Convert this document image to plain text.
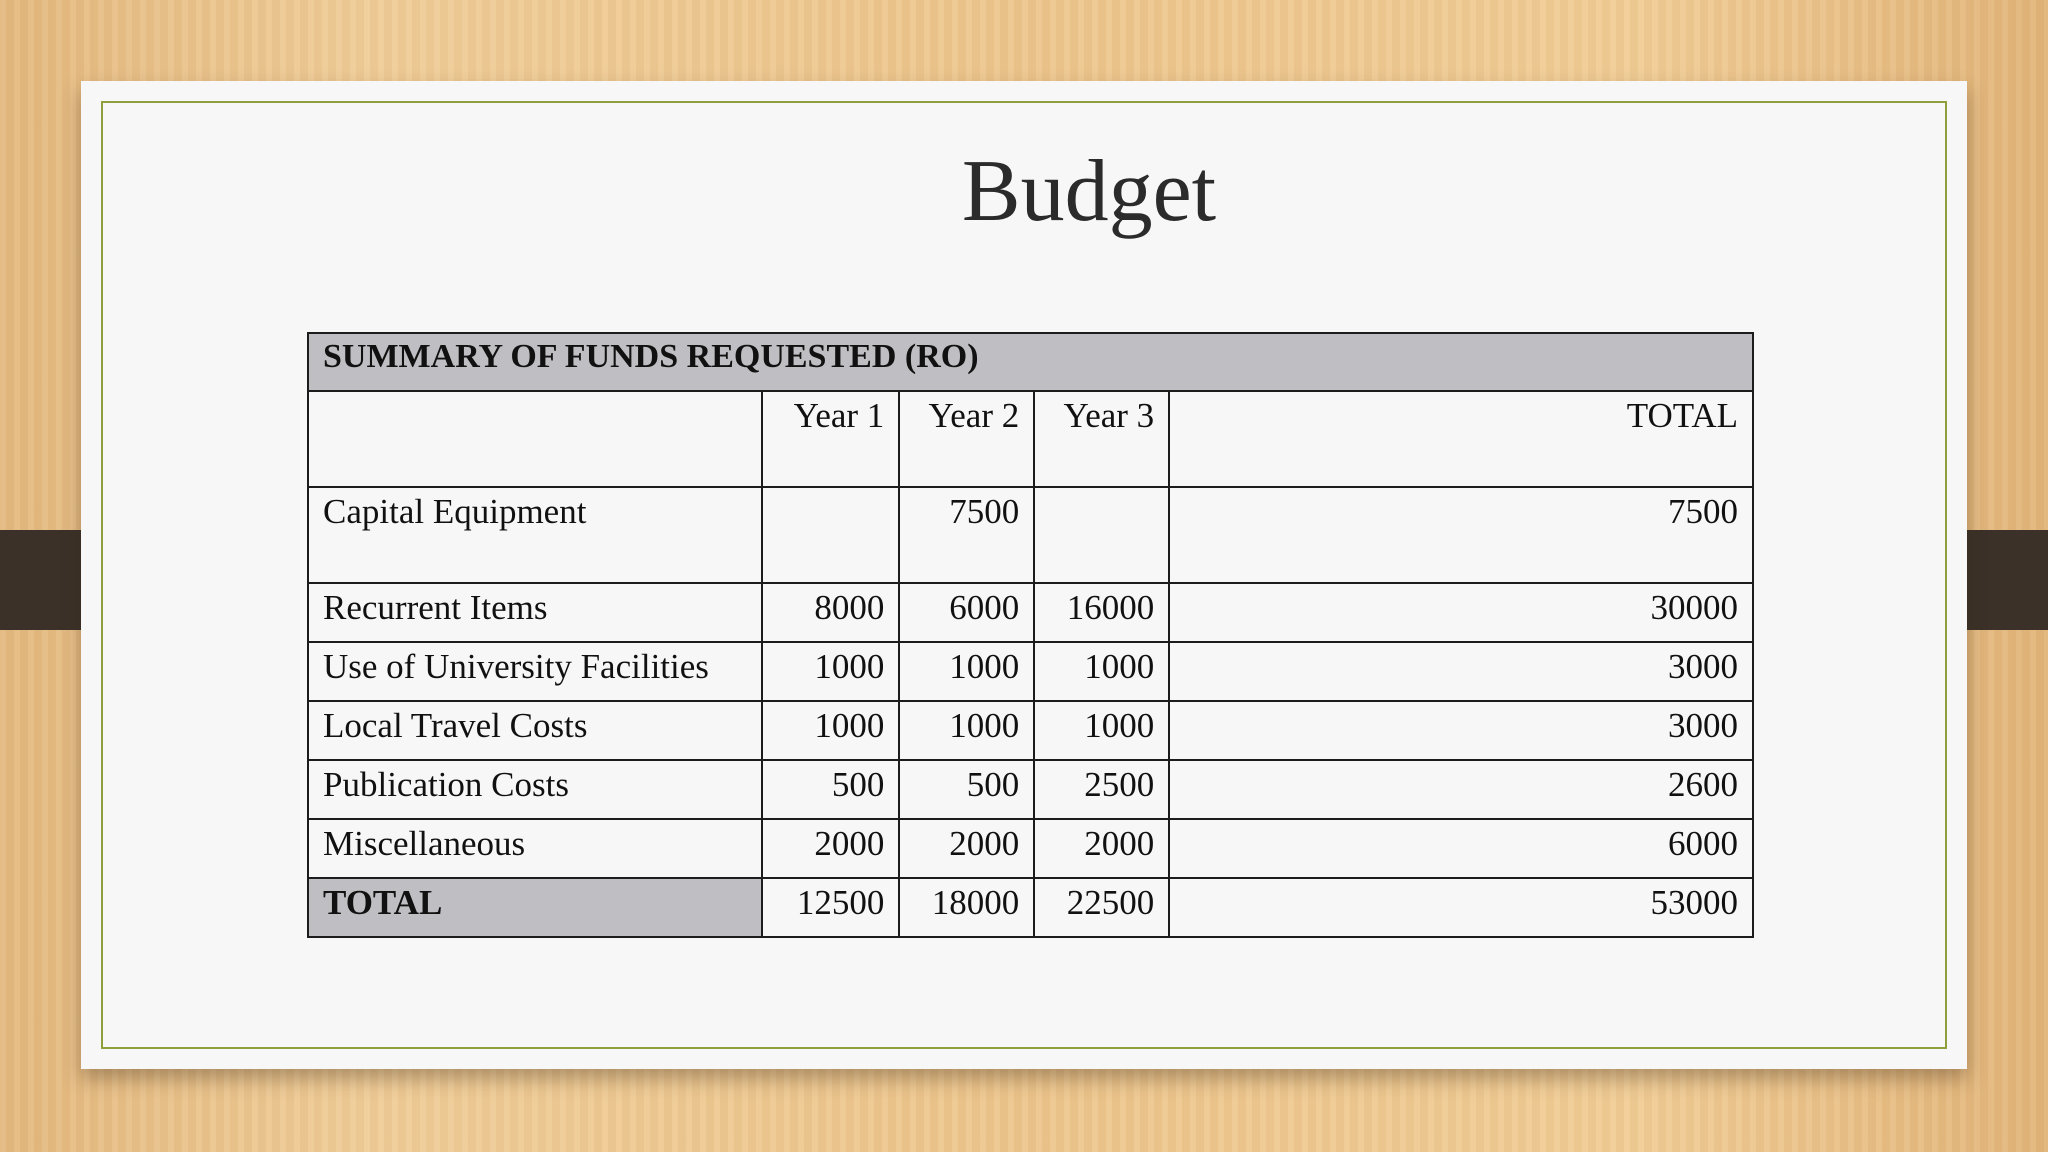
Budget
SUMMARY OF FUNDS REQUESTED (RO)				
	Year 1	Year 2	Year 3	TOTAL
Capital Equipment		7500		7500
Recurrent Items	8000	6000	16000	30000
Use of University Facilities	1000	1000	1000	3000
Local Travel Costs	1000	1000	1000	3000
Publication Costs	500	500	2500	2600
Miscellaneous	2000	2000	2000	6000
TOTAL	12500	18000	22500	53000
